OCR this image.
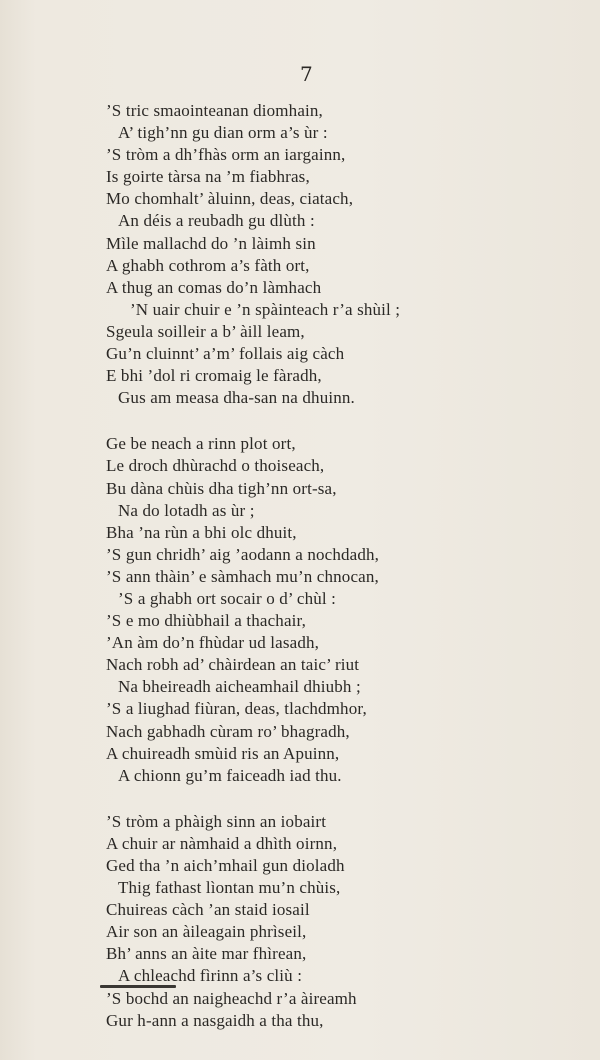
7
’S tric smaointeanan diomhain,
A’ tigh’nn gu dian orm a’s ùr :
’S tròm a dh’fhàs orm an iargainn,
Is goirte tàrsa na ’m fiabhras,
Mo chomhalt’ àluinn, deas, ciatach,
An déis a reubadh gu dlùth :
Mìle mallachd do ’n làimh sin
A ghabh cothrom a’s fàth ort,
A thug an comas do’n làmhach
’N uair chuir e ’n spàinteach r’a shùil ;
Sgeula soilleir a b’ àill leam,
Gu’n cluinnt’ a’m’ follais aig càch
E bhi ’dol ri cromaig le fàradh,
Gus am measa dha-san na dhuinn.
Ge be neach a rinn plot ort,
Le droch dhùrachd o thoiseach,
Bu dàna chùis dha tigh’nn ort-sa,
Na do lotadh as ùr ;
Bha ’na rùn a bhi olc dhuit,
’S gun chridh’ aig ’aodann a nochdadh,
’S ann thàin’ e sàmhach mu’n chnocan,
’S a ghabh ort socair o d’ chùl :
’S e mo dhiùbhail a thachair,
’An àm do’n fhùdar ud lasadh,
Nach robh ad’ chàirdean an taic’ riut
Na bheireadh aicheamhail dhiubh ;
’S a liughad fiùran, deas, tlachdmhor,
Nach gabhadh cùram ro’ bhagradh,
A chuireadh smùid ris an Apuinn,
A chionn gu’m faiceadh iad thu.
’S tròm a phàigh sinn an iobairt
A chuir ar nàmhaid a dhìth oirnn,
Ged tha ’n aich’mhail gun dioladh
Thig fathast lìontan mu’n chùis,
Chuireas càch ’an staid iosail
Air son an àileagain phrìseil,
Bh’ anns an àite mar fhìrean,
A chleachd fìrinn a’s cliù :
’S bochd an naigheachd r’a àireamh
Gur h-ann a nasgaidh a tha thu,
